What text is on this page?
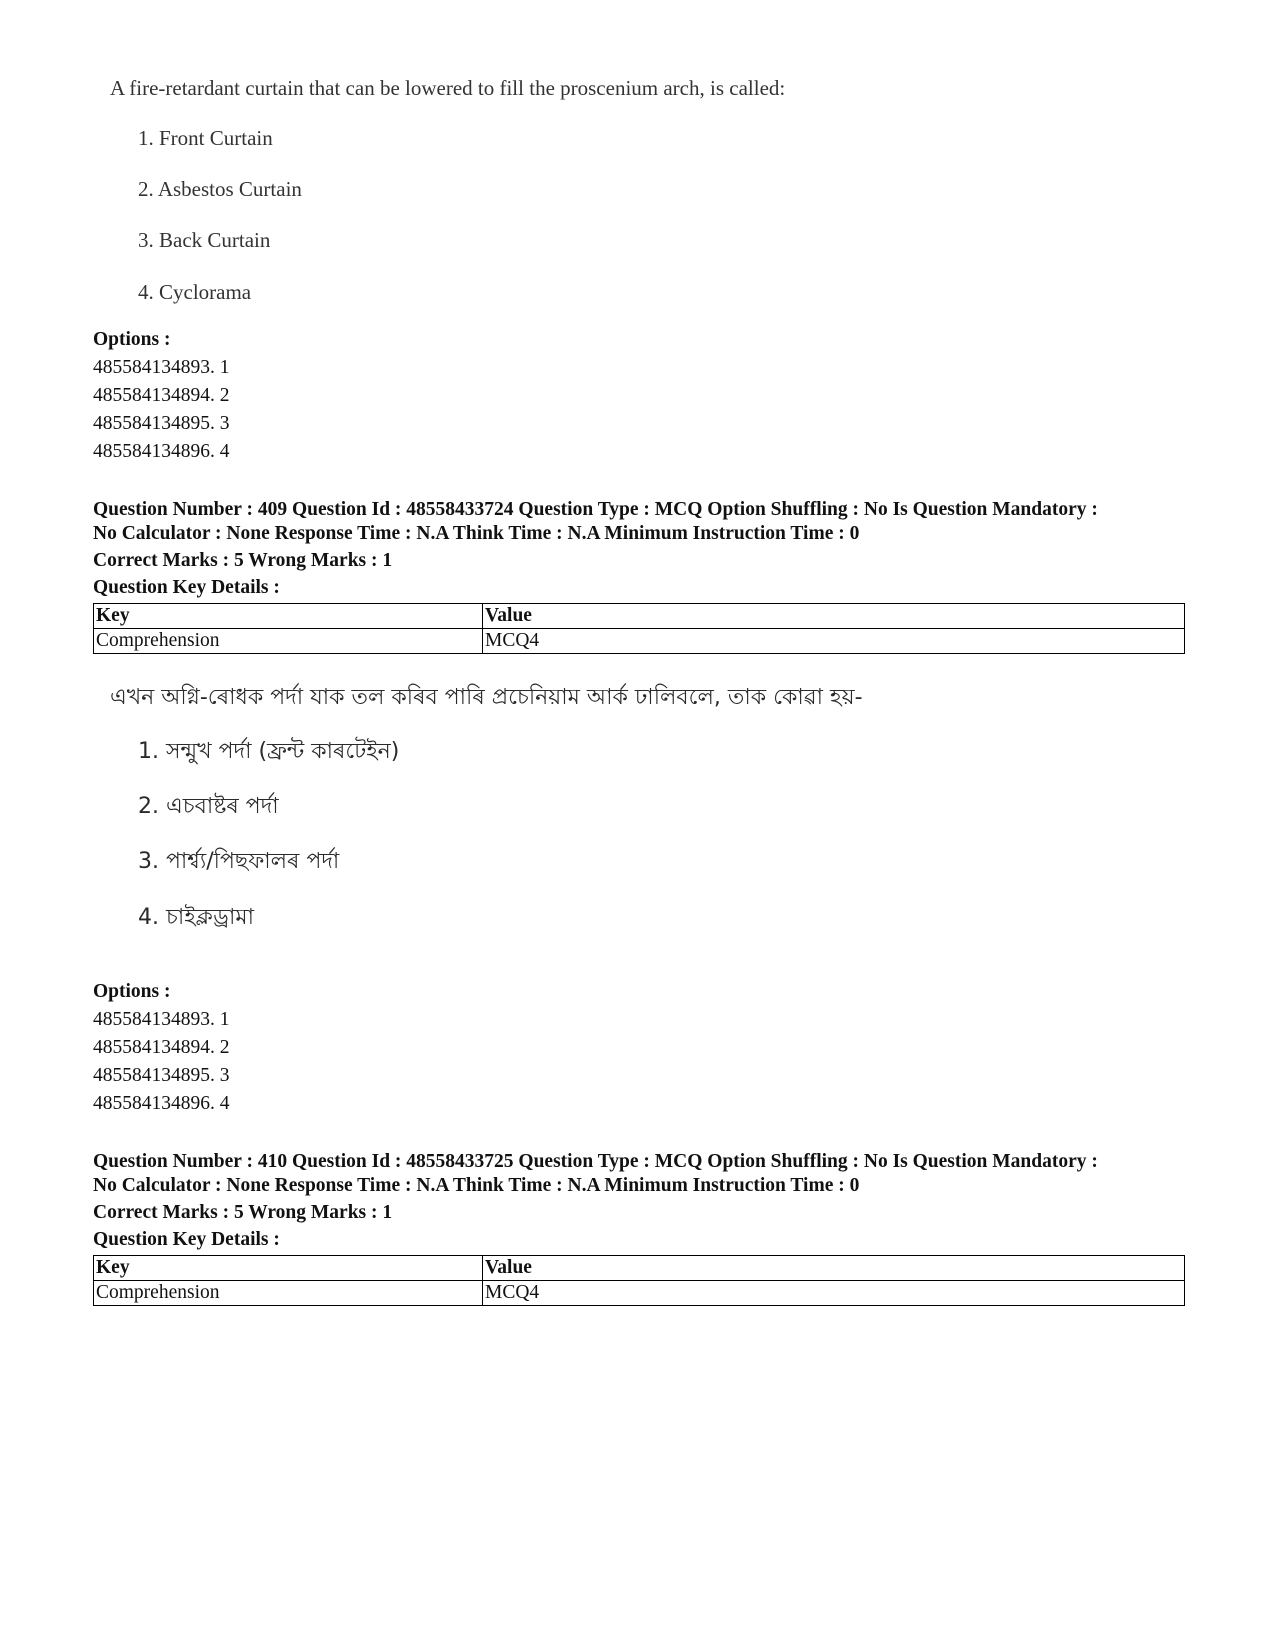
A fire-retardant curtain that can be lowered to fill the proscenium arch, is called:

1. Front Curtain
2. Asbestos Curtain
3. Back Curtain
4. Cyclorama

Options :

485584134893. 1

485584134894. 2

485584134895. 3

485584134896. 4

Question Number : 409 Question Id : 48558433724 Question Type : MCQ Option Shuffling : No Is Question Mandatory :
No Calculator : None Response Time : N.A Think Time : N.A Minimum Instruction Time : 0
Correct Marks : 5 Wrong Marks : 1
Question Key Details :
Key	Value
Comprehension	MCQ4

এখন অগ্নি-ৰোধক পৰ্দা যাক তল কৰিব পাৰি প্ৰচেনিয়াম আৰ্ক ঢালিবলে, তাক কোৱা হয়-

1. সন্মুখ পৰ্দা (ফ্ৰন্ট কাৰটেইন)
2. এচবাষ্টৰ পৰ্দা
3. পাৰ্শ্ব্য/পিছফালৰ পৰ্দা
4. চাইক্লড্ৰামা

Options :

485584134893. 1

485584134894. 2

485584134895. 3

485584134896. 4

Question Number : 410 Question Id : 48558433725 Question Type : MCQ Option Shuffling : No Is Question Mandatory :
No Calculator : None Response Time : N.A Think Time : N.A Minimum Instruction Time : 0
Correct Marks : 5 Wrong Marks : 1
Question Key Details :
Key	Value
Comprehension	MCQ4
